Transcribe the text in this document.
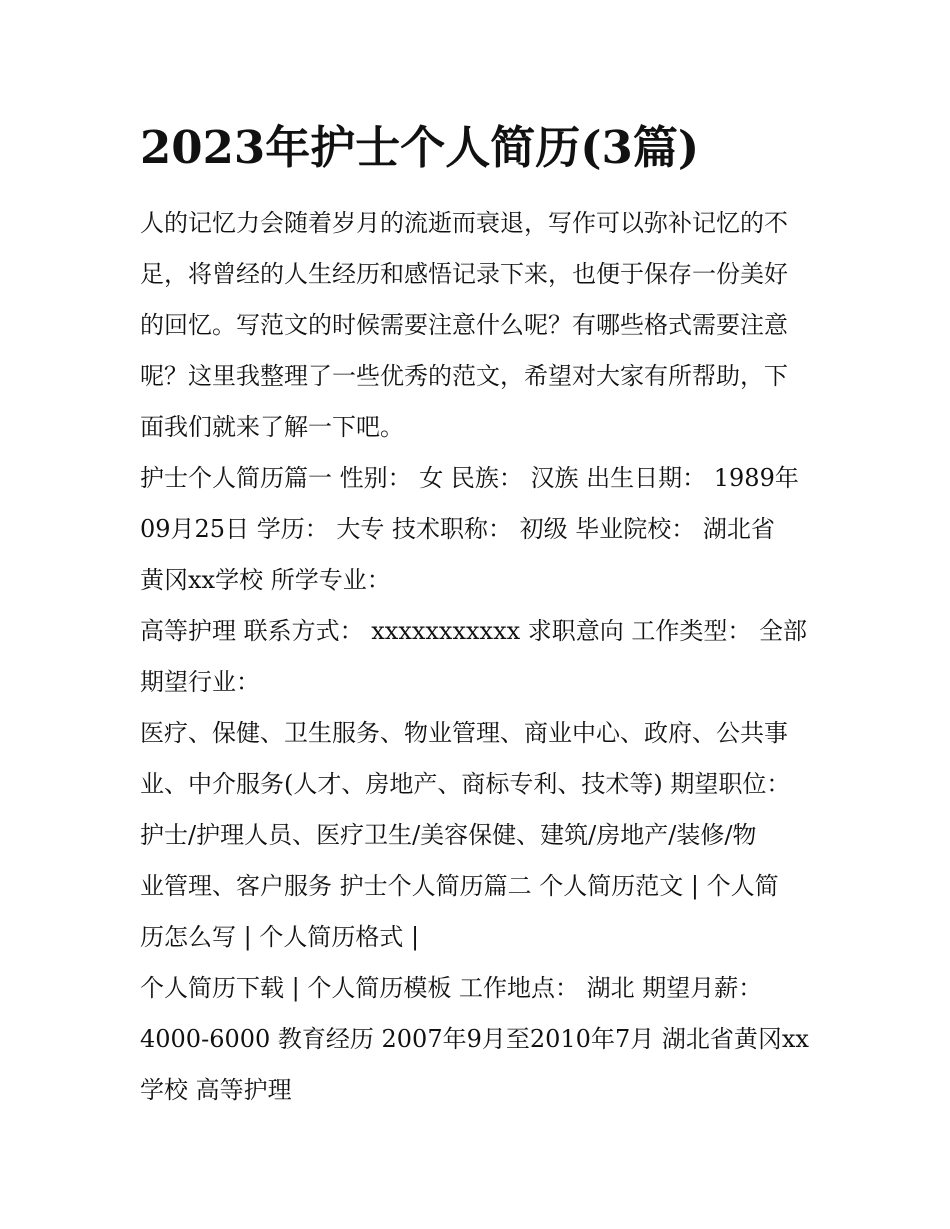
2023年护士个人简历(3篇)
人的记忆力会随着岁月的流逝而衰退，写作可以弥补记忆的不
足，将曾经的人生经历和感悟记录下来，也便于保存一份美好
的回忆。写范文的时候需要注意什么呢？有哪些格式需要注意
呢？这里我整理了一些优秀的范文，希望对大家有所帮助，下
面我们就来了解一下吧。
护士个人简历篇一 性别： 女 民族： 汉族 出生日期： 1989年
09月25日 学历： 大专 技术职称： 初级 毕业院校： 湖北省
黄冈xx学校 所学专业：
高等护理 联系方式： xxxxxxxxxxx 求职意向 工作类型： 全部
期望行业：
医疗、保健、卫生服务、物业管理、商业中心、政府、公共事
业、中介服务(人才、房地产、商标专利、技术等) 期望职位：
护士/护理人员、医疗卫生/美容保健、建筑/房地产/装修/物
业管理、客户服务 护士个人简历篇二 个人简历范文 | 个人简
历怎么写 | 个人简历格式 |
个人简历下载 | 个人简历模板 工作地点： 湖北 期望月薪：
4000-6000 教育经历 2007年9月至2010年7月 湖北省黄冈xx
学校 高等护理
